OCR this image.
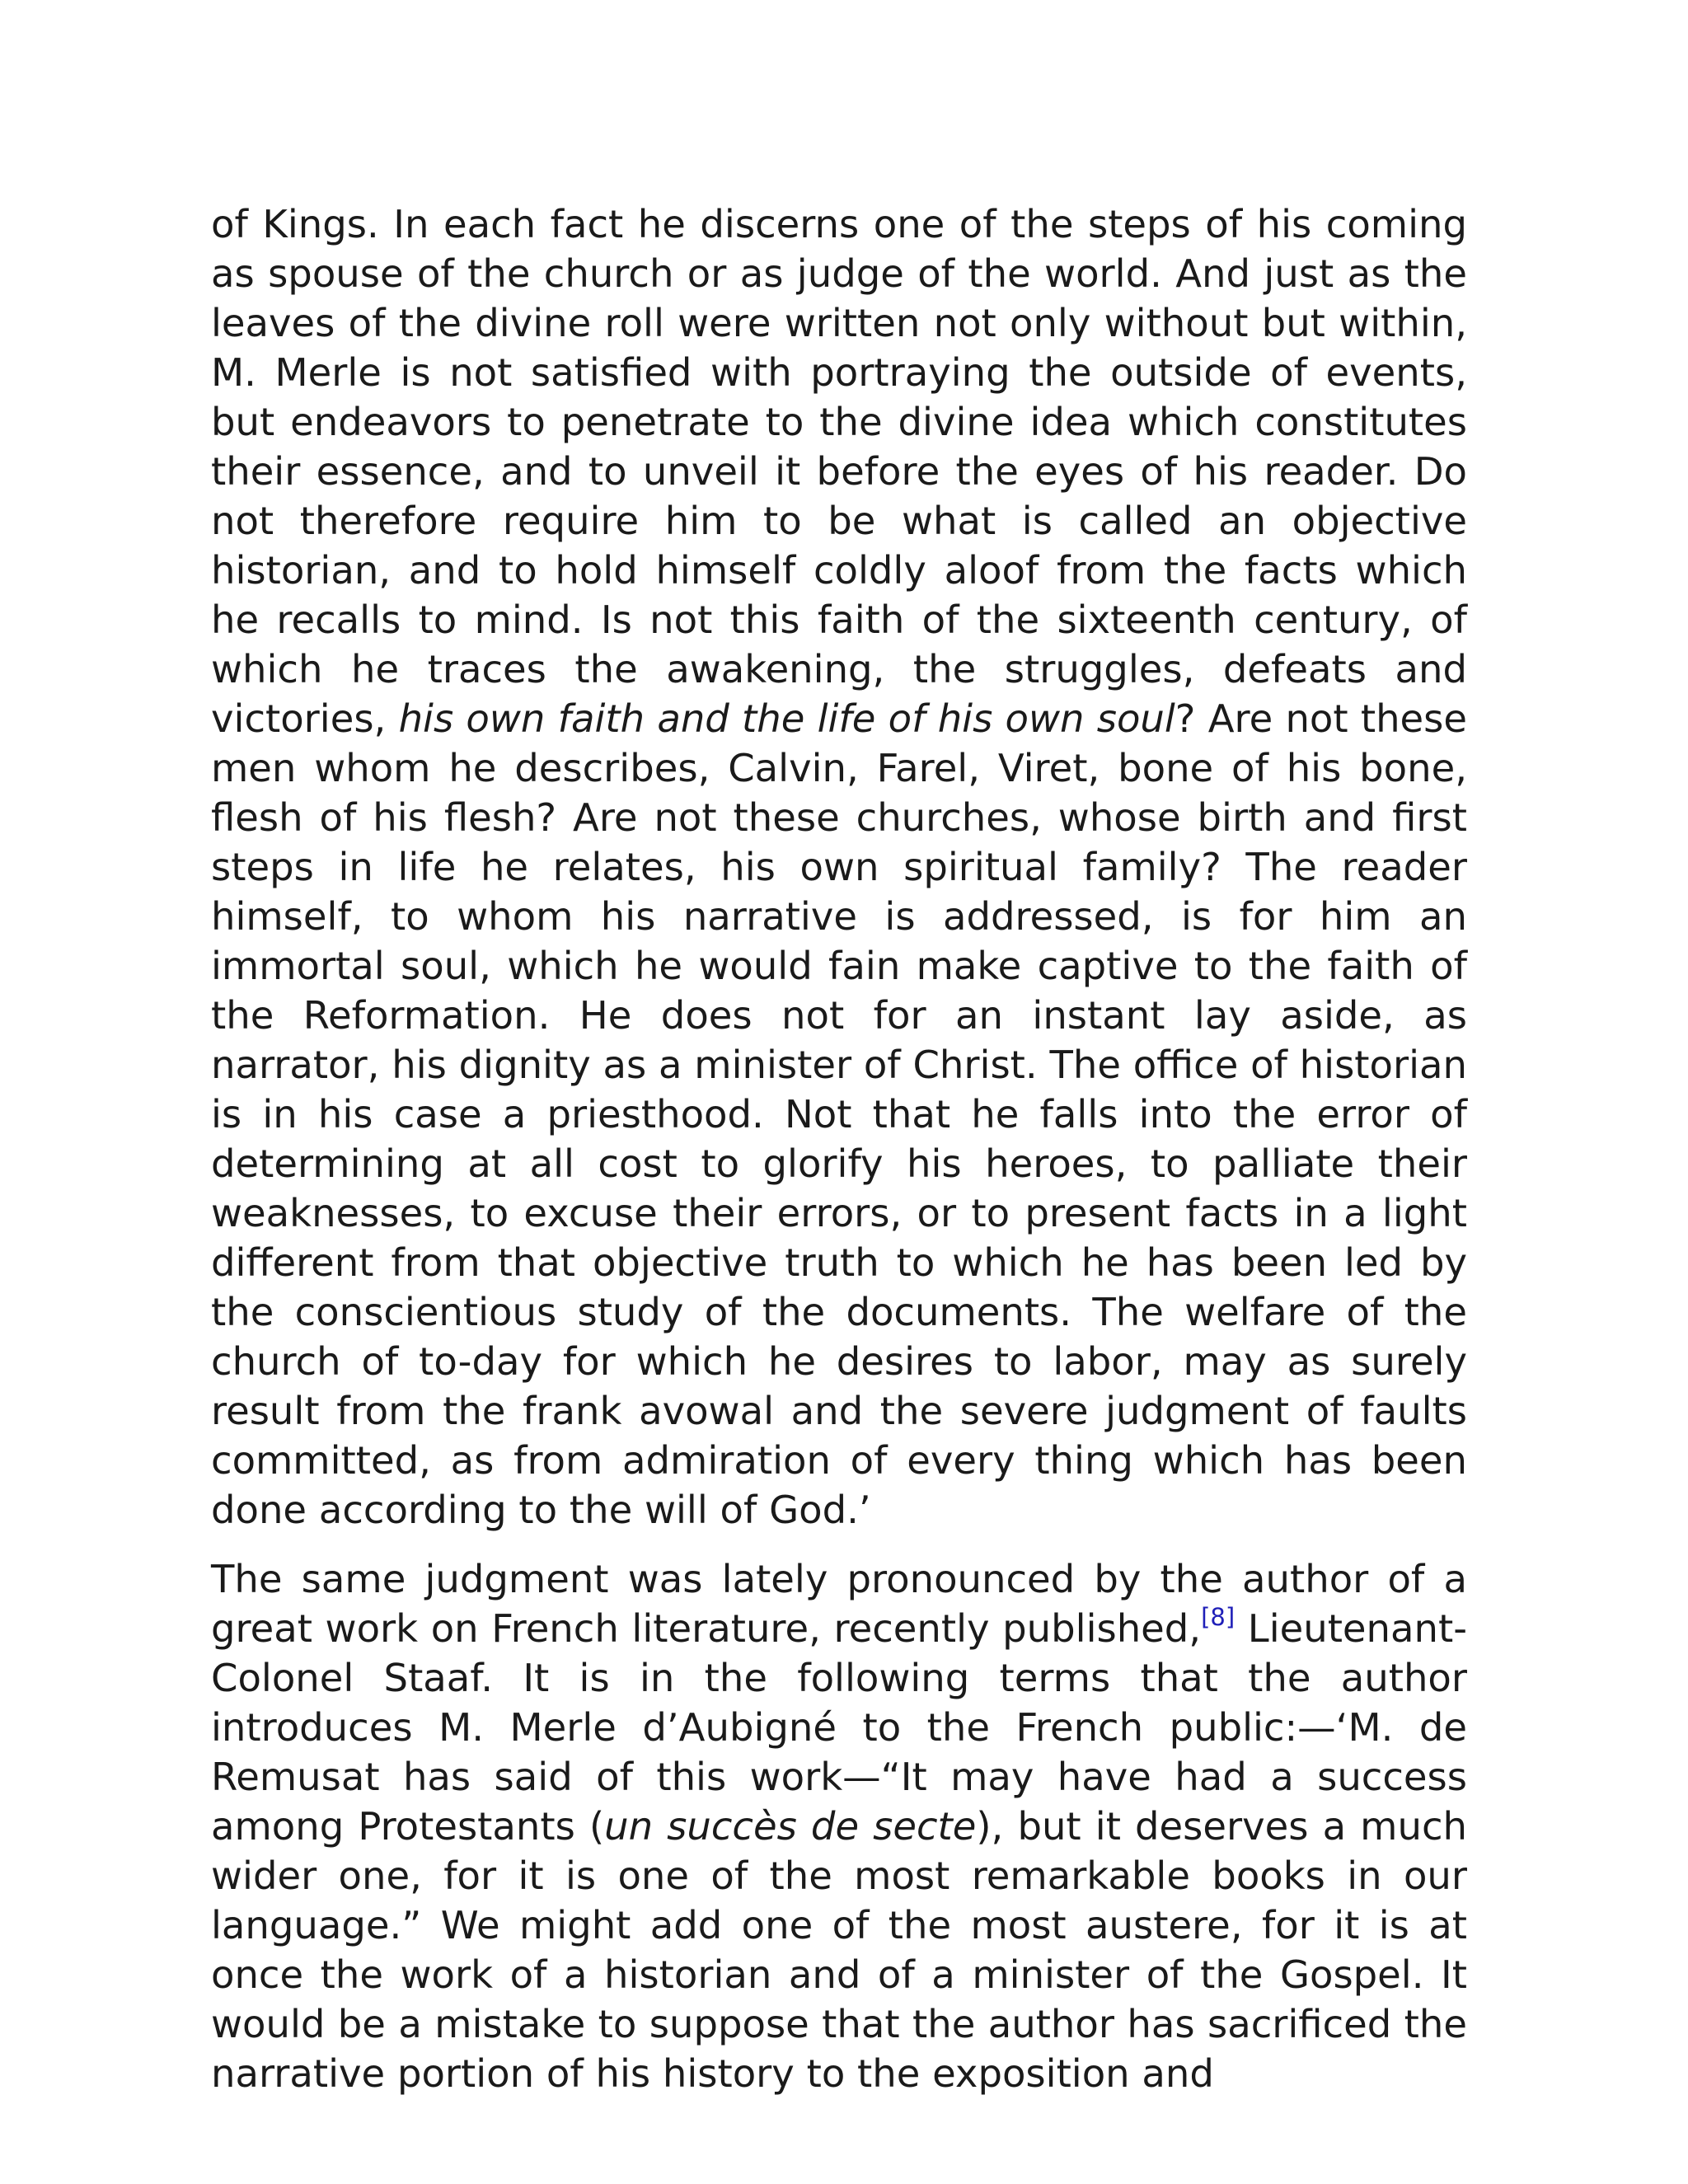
of Kings. In each fact he discerns one of the steps of his coming as spouse of the church or as judge of the world. And just as the leaves of the divine roll were written not only without but within, M. Merle is not satisfied with portraying the outside of events, but endeavors to penetrate to the divine idea which constitutes their essence, and to unveil it before the eyes of his reader. Do not therefore require him to be what is called an objective historian, and to hold himself coldly aloof from the facts which he recalls to mind. Is not this faith of the sixteenth century, of which he traces the awakening, the struggles, defeats and victories, his own faith and the life of his own soul? Are not these men whom he describes, Calvin, Farel, Viret, bone of his bone, flesh of his flesh? Are not these churches, whose birth and first steps in life he relates, his own spiritual family? The reader himself, to whom his narrative is addressed, is for him an immortal soul, which he would fain make captive to the faith of the Reformation. He does not for an instant lay aside, as narrator, his dignity as a minister of Christ. The office of historian is in his case a priesthood. Not that he falls into the error of determining at all cost to glorify his heroes, to palliate their weaknesses, to excuse their errors, or to present facts in a light different from that objective truth to which he has been led by the conscientious study of the documents. The welfare of the church of to-day for which he desires to labor, may as surely result from the frank avowal and the severe judgment of faults committed, as from admiration of every thing which has been done according to the will of God.’

The same judgment was lately pronounced by the author of a great work on French literature, recently published,[8] Lieutenant-Colonel Staaf. It is in the following terms that the author introduces M. Merle d’Aubigné to the French public:—‘M. de Remusat has said of this work—“It may have had a success among Protestants (un succès de secte), but it deserves a much wider one, for it is one of the most remarkable books in our language.” We might add one of the most austere, for it is at once the work of a historian and of a minister of the Gospel. It would be a mistake to suppose that the author has sacrificed the narrative portion of his history to the exposition and
